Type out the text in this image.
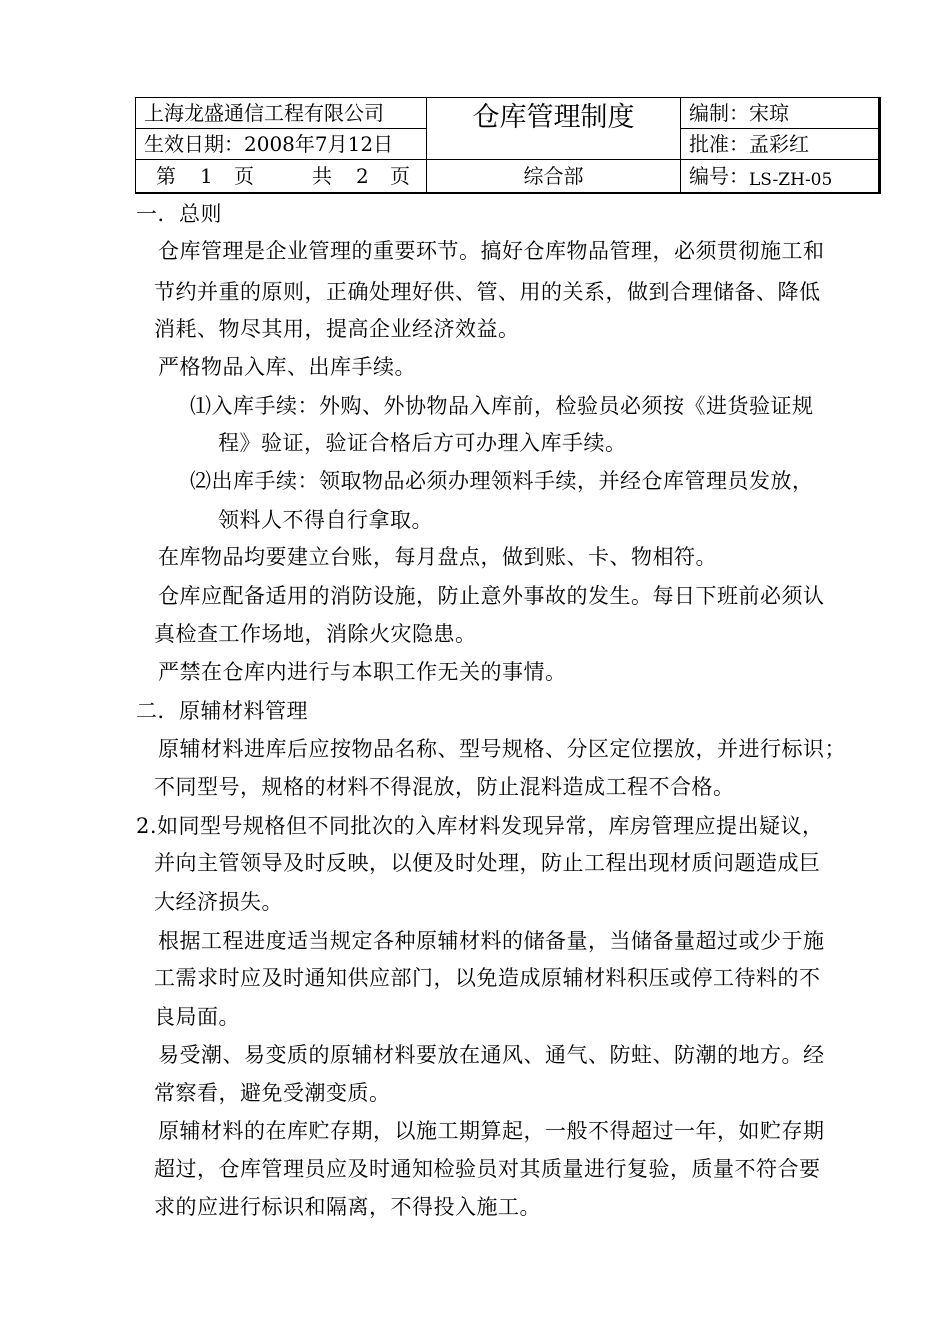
上海龙盛通信工程有限公司	仓库管理制度	编制：宋琼
生效日期：2008年7月12日		批准：孟彩红
第 1 页 共 2 页	综合部	编号：LS-ZH-05
一．总则
仓库管理是企业管理的重要环节。搞好仓库物品管理，必须贯彻施工和
节约并重的原则，正确处理好供、管、用的关系，做到合理储备、降低
消耗、物尽其用，提高企业经济效益。
严格物品入库、出库手续。
⑴入库手续：外购、外协物品入库前，检验员必须按《进货验证规
程》验证，验证合格后方可办理入库手续。
⑵出库手续：领取物品必须办理领料手续，并经仓库管理员发放，
领料人不得自行拿取。
在库物品均要建立台账，每月盘点，做到账、卡、物相符。
仓库应配备适用的消防设施，防止意外事故的发生。每日下班前必须认
真检查工作场地，消除火灾隐患。
严禁在仓库内进行与本职工作无关的事情。
二．原辅材料管理
原辅材料进库后应按物品名称、型号规格、分区定位摆放，并进行标识；
不同型号，规格的材料不得混放，防止混料造成工程不合格。
2.如同型号规格但不同批次的入库材料发现异常，库房管理应提出疑议，
并向主管领导及时反映，以便及时处理，防止工程出现材质问题造成巨
大经济损失。
根据工程进度适当规定各种原辅材料的储备量，当储备量超过或少于施
工需求时应及时通知供应部门，以免造成原辅材料积压或停工待料的不
良局面。
易受潮、易变质的原辅材料要放在通风、通气、防蛀、防潮的地方。经
常察看，避免受潮变质。
原辅材料的在库贮存期，以施工期算起，一般不得超过一年，如贮存期
超过，仓库管理员应及时通知检验员对其质量进行复验，质量不符合要
求的应进行标识和隔离，不得投入施工。
